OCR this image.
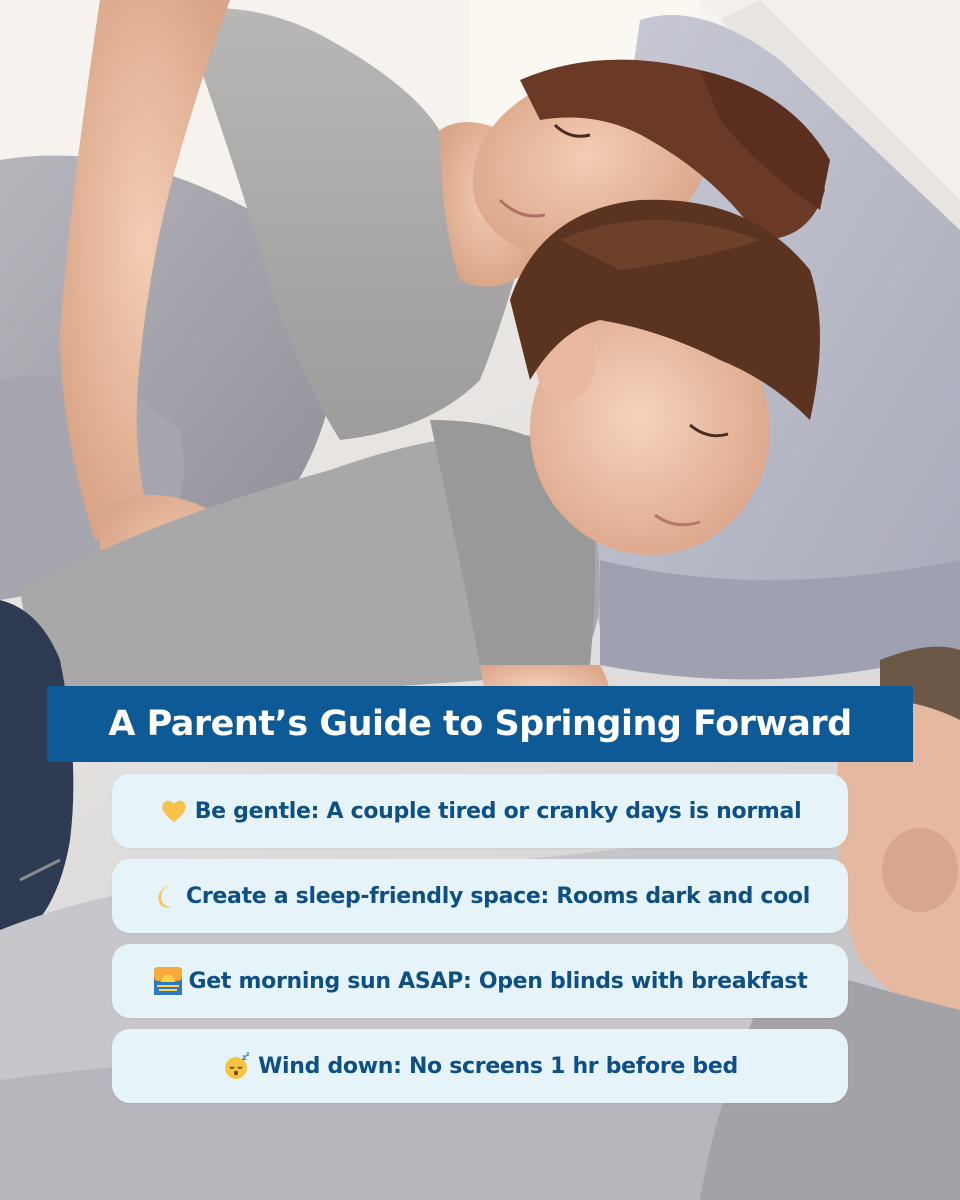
A Parent’s Guide to Springing Forward
Be gentle: A couple tired or cranky days is normal
Create a sleep-friendly space: Rooms dark and cool
Get morning sun ASAP: Open blinds with breakfast
z z Wind down: No screens 1 hr before bed
